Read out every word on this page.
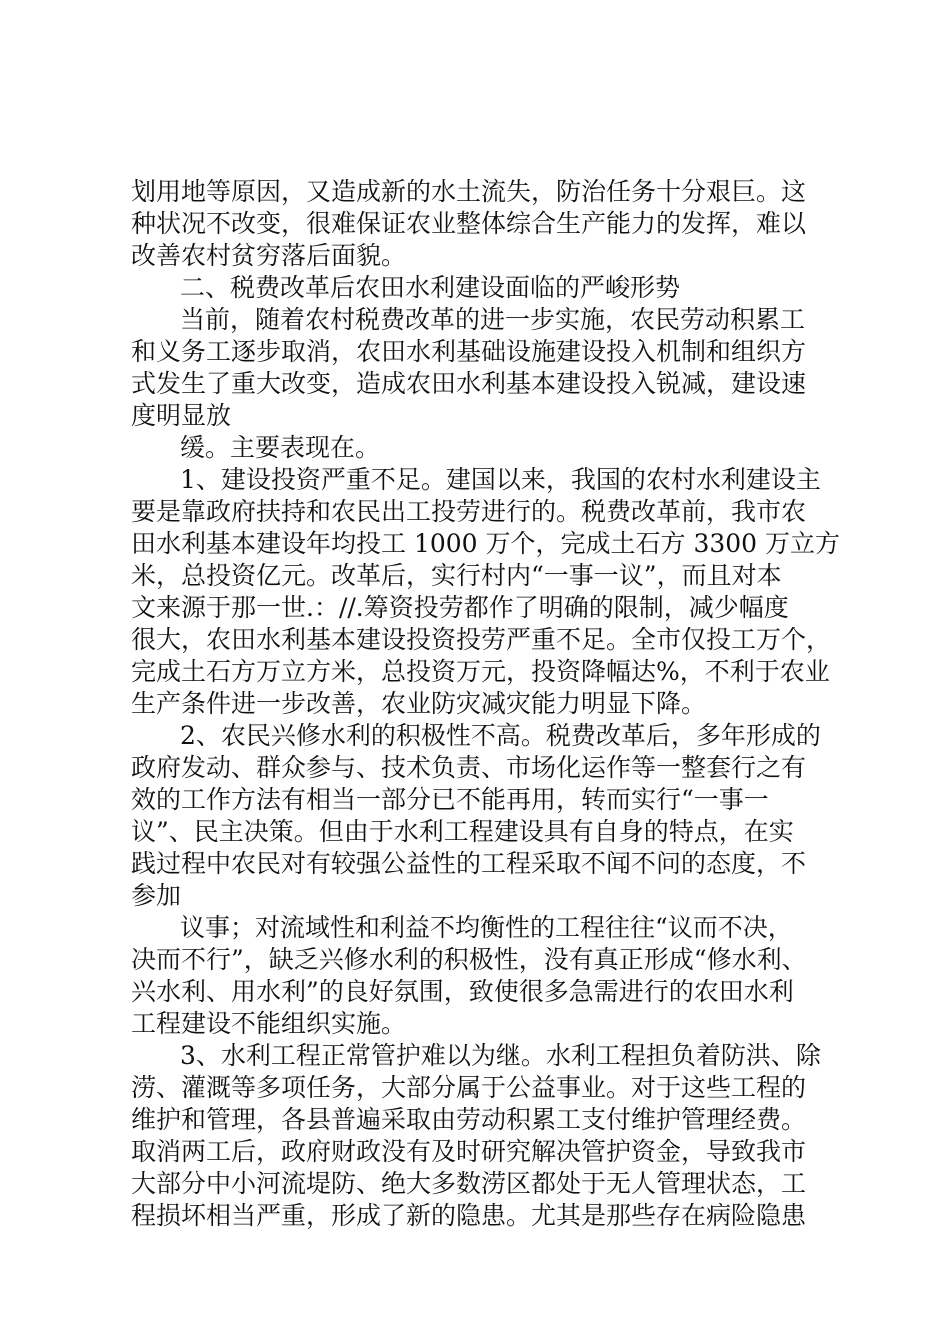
划用地等原因，又造成新的水土流失，防治任务十分艰巨。这

种状况不改变，很难保证农业整体综合生产能力的发挥，难以

改善农村贫穷落后面貌。

二、税费改革后农田水利建设面临的严峻形势

当前，随着农村税费改革的进一步实施，农民劳动积累工

和义务工逐步取消，农田水利基础设施建设投入机制和组织方

式发生了重大改变，造成农田水利基本建设投入锐减，建设速

度明显放

缓。主要表现在。

1、建设投资严重不足。建国以来，我国的农村水利建设主

要是靠政府扶持和农民出工投劳进行的。税费改革前，我市农

田水利基本建设年均投工 1000 万个，完成土石方 3300 万立方

米，总投资亿元。改革后，实行村内“一事一议”，而且对本

文来源于那一世.：//.筹资投劳都作了明确的限制，减少幅度

很大，农田水利基本建设投资投劳严重不足。全市仅投工万个，

完成土石方万立方米，总投资万元，投资降幅达%，不利于农业

生产条件进一步改善，农业防灾减灾能力明显下降。

2、农民兴修水利的积极性不高。税费改革后，多年形成的

政府发动、群众参与、技术负责、市场化运作等一整套行之有

效的工作方法有相当一部分已不能再用，转而实行“一事一

议”、民主决策。但由于水利工程建设具有自身的特点，在实

践过程中农民对有较强公益性的工程采取不闻不问的态度，不

参加

议事；对流域性和利益不均衡性的工程往往“议而不决，

决而不行”，缺乏兴修水利的积极性，没有真正形成“修水利、

兴水利、用水利”的良好氛围，致使很多急需进行的农田水利

工程建设不能组织实施。

3、水利工程正常管护难以为继。水利工程担负着防洪、除

涝、灌溉等多项任务，大部分属于公益事业。对于这些工程的

维护和管理，各县普遍采取由劳动积累工支付维护管理经费。

取消两工后，政府财政没有及时研究解决管护资金，导致我市

大部分中小河流堤防、绝大多数涝区都处于无人管理状态，工

程损坏相当严重，形成了新的隐患。尤其是那些存在病险隐患
